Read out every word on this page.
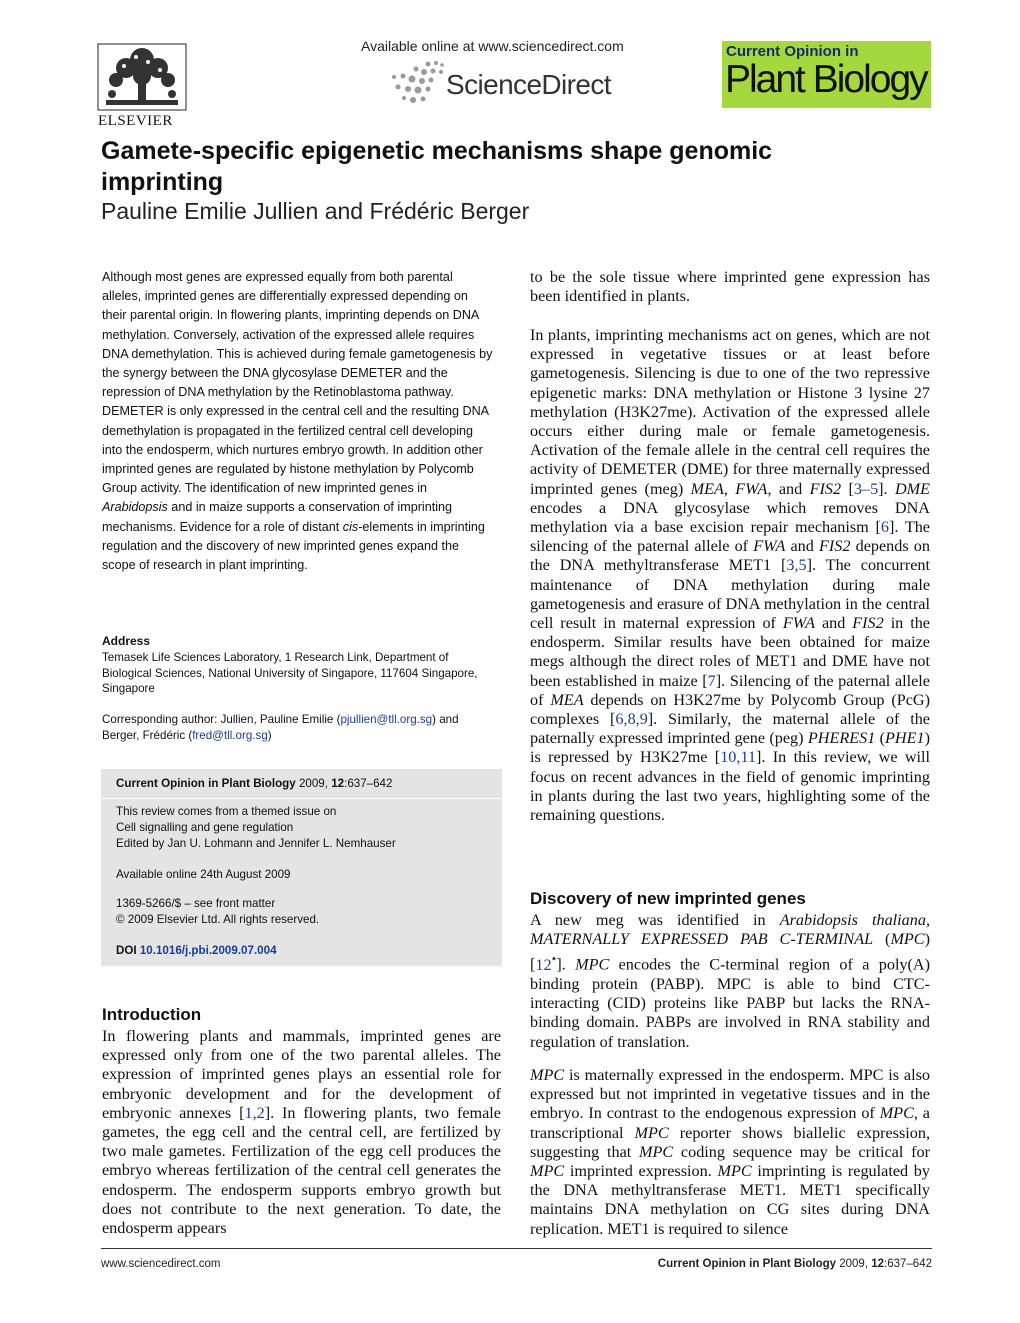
ELSEVIER
Available online at www.sciencedirect.com
ScienceDirect
Current Opinion in
Plant Biology
Gamete-specific epigenetic mechanisms shape genomic imprinting
Pauline Emilie Jullien and Frédéric Berger

Although most genes are expressed equally from both parental alleles, imprinted genes are differentially expressed depending on their parental origin. In flowering plants, imprinting depends on DNA methylation. Conversely, activation of the expressed allele requires DNA demethylation. This is achieved during female gametogenesis by the synergy between the DNA glycosylase DEMETER and the repression of DNA methylation by the Retinoblastoma pathway. DEMETER is only expressed in the central cell and the resulting DNA demethylation is propagated in the fertilized central cell developing into the endosperm, which nurtures embryo growth. In addition other imprinted genes are regulated by histone methylation by Polycomb Group activity. The identification of new imprinted genes in Arabidopsis and in maize supports a conservation of imprinting mechanisms. Evidence for a role of distant cis-elements in imprinting regulation and the discovery of new imprinted genes expand the scope of research in plant imprinting.

Address

Temasek Life Sciences Laboratory, 1 Research Link, Department of Biological Sciences, National University of Singapore, 117604 Singapore, Singapore

Corresponding author: Jullien, Pauline Emilie (pjullien@tll.org.sg) and Berger, Frédéric (fred@tll.org.sg)

Current Opinion in Plant Biology 2009, 12:637–642
This review comes from a themed issue on
Cell signalling and gene regulation
Edited by Jan U. Lohmann and Jennifer L. Nemhauser
Available online 24th August 2009
1369-5266/$ – see front matter
© 2009 Elsevier Ltd. All rights reserved.
DOI 10.1016/j.pbi.2009.07.004
Introduction

In flowering plants and mammals, imprinted genes are expressed only from one of the two parental alleles. The expression of imprinted genes plays an essential role for embryonic development and for the development of embryonic annexes [1,2]. In flowering plants, two female gametes, the egg cell and the central cell, are fertilized by two male gametes. Fertilization of the egg cell produces the embryo whereas fertilization of the central cell generates the endosperm. The endosperm supports embryo growth but does not contribute to the next generation. To date, the endosperm appears

to be the sole tissue where imprinted gene expression has been identified in plants.

In plants, imprinting mechanisms act on genes, which are not expressed in vegetative tissues or at least before gametogenesis. Silencing is due to one of the two repressive epigenetic marks: DNA methylation or Histone 3 lysine 27 methylation (H3K27me). Activation of the expressed allele occurs either during male or female gametogenesis. Activation of the female allele in the central cell requires the activity of DEMETER (DME) for three maternally expressed imprinted genes (meg) MEA, FWA, and FIS2 [3–5]. DME encodes a DNA glycosylase which removes DNA methylation via a base excision repair mechanism [6]. The silencing of the paternal allele of FWA and FIS2 depends on the DNA methyltransferase MET1 [3,5]. The concurrent maintenance of DNA methylation during male gametogenesis and erasure of DNA methylation in the central cell result in maternal expression of FWA and FIS2 in the endosperm. Similar results have been obtained for maize megs although the direct roles of MET1 and DME have not been established in maize [7]. Silencing of the paternal allele of MEA depends on H3K27me by Polycomb Group (PcG) complexes [6,8,9]. Similarly, the maternal allele of the paternally expressed imprinted gene (peg) PHERES1 (PHE1) is repressed by H3K27me [10,11]. In this review, we will focus on recent advances in the field of genomic imprinting in plants during the last two years, highlighting some of the remaining questions.

Discovery of new imprinted genes

A new meg was identified in Arabidopsis thaliana, MATERNALLY EXPRESSED PAB C-TERMINAL (MPC) [12•]. MPC encodes the C-terminal region of a poly(A) binding protein (PABP). MPC is able to bind CTC-interacting (CID) proteins like PABP but lacks the RNA-binding domain. PABPs are involved in RNA stability and regulation of translation.

MPC is maternally expressed in the endosperm. MPC is also expressed but not imprinted in vegetative tissues and in the embryo. In contrast to the endogenous expression of MPC, a transcriptional MPC reporter shows biallelic expression, suggesting that MPC coding sequence may be critical for MPC imprinted expression. MPC imprinting is regulated by the DNA methyltransferase MET1. MET1 specifically maintains DNA methylation on CG sites during DNA replication. MET1 is required to silence

www.sciencedirect.com	Current Opinion in Plant Biology 2009, 12:637–642
